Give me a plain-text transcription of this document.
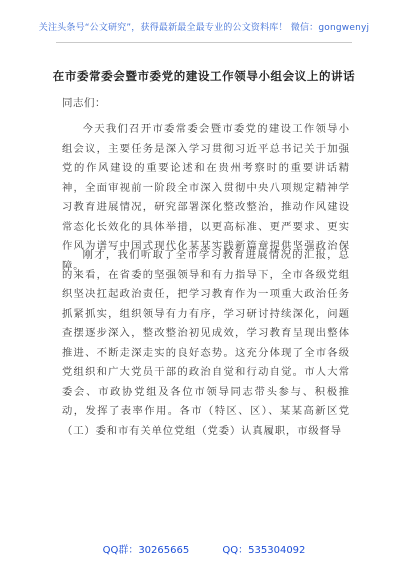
关注头条号“公文研究”，获得最新最全最专业的公文资料库！ 微信：gongwenyj
在市委常委会暨市委党的建设工作领导小组会议上的讲话
同志们：

今天我们召开市委常委会暨市委党的建设工作领导小组会议，主要任务是深入学习贯彻习近平总书记关于加强党的作风建设的重要论述和在贵州考察时的重要讲话精神，全面审视前一阶段全市深入贯彻中央八项规定精神学习教育进展情况，研究部署深化整改整治，推动作风建设常态化长效化的具体举措，以更高标准、更严要求、更实作风为谱写中国式现代化某某实践新篇章提供坚强政治保障。

刚才，我们听取了全市学习教育进展情况的汇报，总的来看，在省委的坚强领导和有力指导下，全市各级党组织坚决扛起政治责任，把学习教育作为一项重大政治任务抓紧抓实，组织领导有力有序，学习研讨持续深化，问题查摆逐步深入，整改整治初见成效，学习教育呈现出整体推进、不断走深走实的良好态势。这充分体现了全市各级党组织和广大党员干部的政治自觉和行动自觉。市人大常委会、市政协党组及各位市领导同志带头参与、积极推动，发挥了表率作用。各市（特区、区）、某某高新区党（工）委和市有关单位党组（党委）认真履职，市级督导

QQ群：30265665	QQ：535304092
